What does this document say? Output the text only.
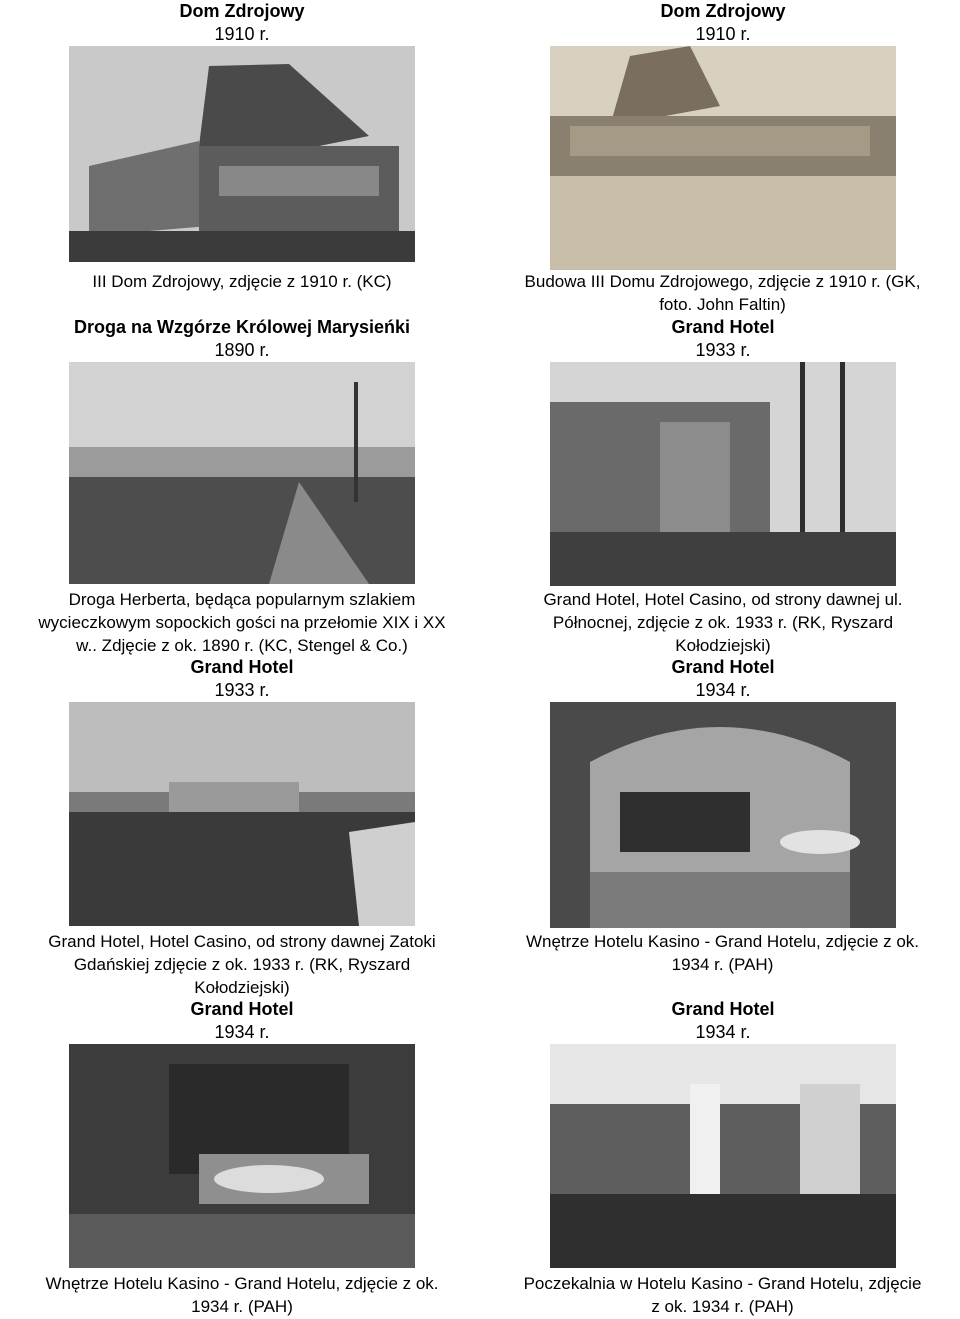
Dom Zdrojowy

1910 r.

III Dom Zdrojowy, zdjęcie z 1910 r. (KC)

Dom Zdrojowy

1910 r.

Budowa III Domu Zdrojowego, zdjęcie z 1910 r. (GK,

foto. John Faltin)

Droga na Wzgórze Królowej Marysieńki

1890 r.

Droga Herberta, będąca popularnym szlakiem

wycieczkowym sopockich gości na przełomie XIX i XX

w.. Zdjęcie z ok. 1890 r. (KC, Stengel & Co.)

Grand Hotel

1933 r.

Grand Hotel, Hotel Casino, od strony dawnej ul.

Północnej, zdjęcie z ok. 1933 r. (RK, Ryszard

Kołodziejski)

Grand Hotel

1933 r.

Grand Hotel, Hotel Casino, od strony dawnej Zatoki

Gdańskiej zdjęcie z ok. 1933 r. (RK, Ryszard

Kołodziejski)

Grand Hotel

1934 r.

Wnętrze Hotelu Kasino - Grand Hotelu, zdjęcie z ok.

1934 r. (PAH)

Grand Hotel

1934 r.

Wnętrze Hotelu Kasino - Grand Hotelu, zdjęcie z ok.

1934 r. (PAH)

Grand Hotel

1934 r.

Poczekalnia w Hotelu Kasino - Grand Hotelu, zdjęcie

z ok. 1934 r. (PAH)
